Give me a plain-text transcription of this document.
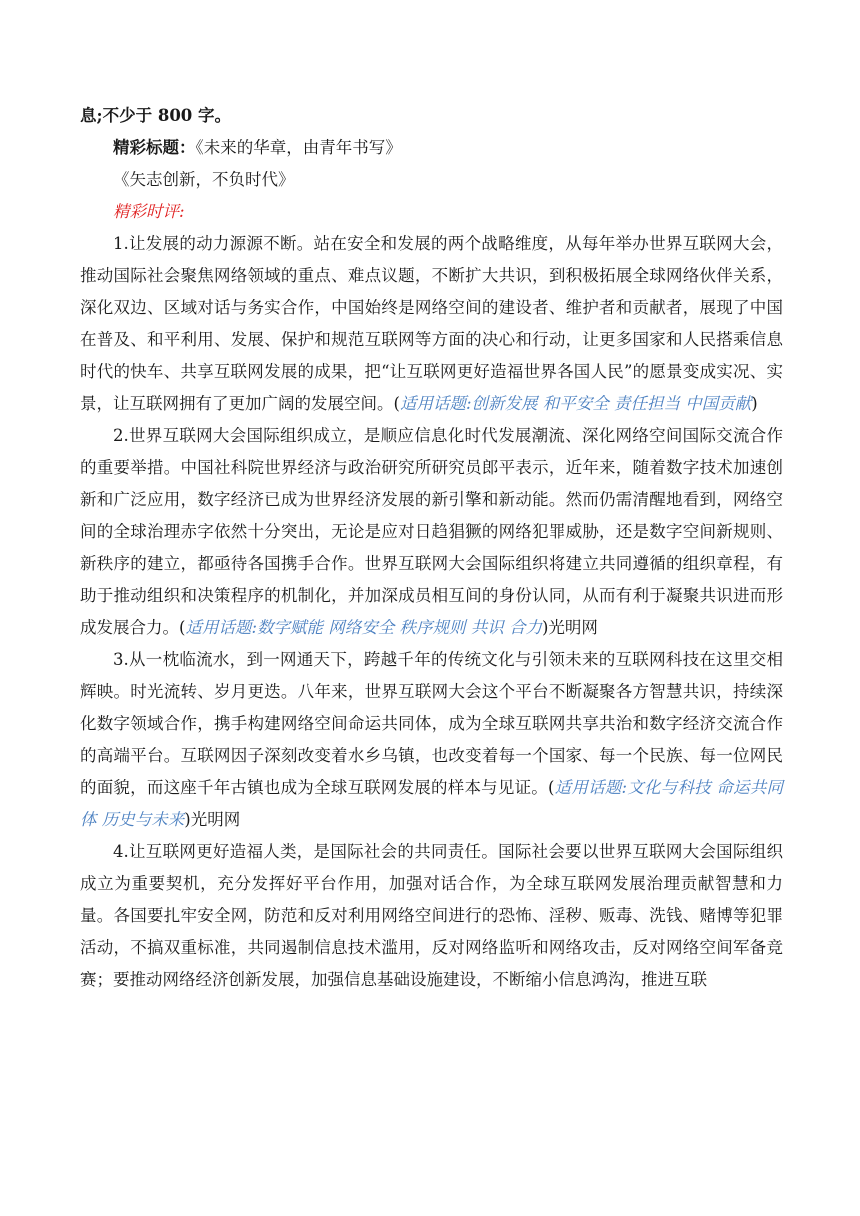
息;不少于 800 字。

精彩标题：《未来的华章，由青年书写》

《矢志创新，不负时代》

精彩时评:

1.让发展的动力源源不断。站在安全和发展的两个战略维度，从每年举办世界互联网大会，推动国际社会聚焦网络领域的重点、难点议题，不断扩大共识，到积极拓展全球网络伙伴关系，深化双边、区域对话与务实合作，中国始终是网络空间的建设者、维护者和贡献者，展现了中国在普及、和平利用、发展、保护和规范互联网等方面的决心和行动，让更多国家和人民搭乘信息时代的快车、共享互联网发展的成果，把“让互联网更好造福世界各国人民”的愿景变成实况、实景，让互联网拥有了更加广阔的发展空间。(适用话题:创新发展 和平安全 责任担当 中国贡献)

2.世界互联网大会国际组织成立，是顺应信息化时代发展潮流、深化网络空间国际交流合作的重要举措。中国社科院世界经济与政治研究所研究员郎平表示，近年来，随着数字技术加速创新和广泛应用，数字经济已成为世界经济发展的新引擎和新动能。然而仍需清醒地看到，网络空间的全球治理赤字依然十分突出，无论是应对日趋猖獗的网络犯罪威胁，还是数字空间新规则、新秩序的建立，都亟待各国携手合作。世界互联网大会国际组织将建立共同遵循的组织章程，有助于推动组织和决策程序的机制化，并加深成员相互间的身份认同，从而有利于凝聚共识进而形成发展合力。(适用话题:数字赋能 网络安全 秩序规则 共识 合力)光明网

3.从一枕临流水，到一网通天下，跨越千年的传统文化与引领未来的互联网科技在这里交相辉映。时光流转、岁月更迭。八年来，世界互联网大会这个平台不断凝聚各方智慧共识，持续深化数字领域合作，携手构建网络空间命运共同体，成为全球互联网共享共治和数字经济交流合作的高端平台。互联网因子深刻改变着水乡乌镇，也改变着每一个国家、每一个民族、每一位网民的面貌，而这座千年古镇也成为全球互联网发展的样本与见证。(适用话题:文化与科技 命运共同体 历史与未来)光明网

4.让互联网更好造福人类，是国际社会的共同责任。国际社会要以世界互联网大会国际组织成立为重要契机，充分发挥好平台作用，加强对话合作，为全球互联网发展治理贡献智慧和力量。各国要扎牢安全网，防范和反对利用网络空间进行的恐怖、淫秽、贩毒、洗钱、赌博等犯罪活动，不搞双重标准，共同遏制信息技术滥用，反对网络监听和网络攻击，反对网络空间军备竞赛；要推动网络经济创新发展，加强信息基础设施建设，不断缩小信息鸿沟，推进互联
